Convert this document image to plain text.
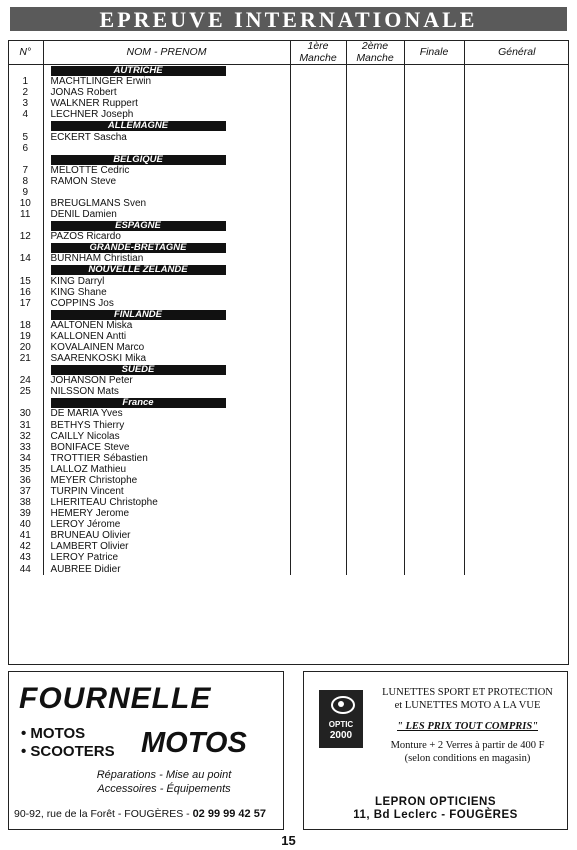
EPREUVE INTERNATIONALE
N°	NOM - PRENOM	1ère Manche	2ème Manche	Finale	Général

	AUTRICHE				

1	MACHTLINGER Erwin				
2	JONAS Robert				
3	WALKNER Ruppert				
4	LECHNER Joseph				

	ALLEMAGNE				

5	ECKERT Sascha				
6					

	BELGIQUE				

7	MELOTTE Cedric				
8	RAMON Steve				
9					
10	BREUGLMANS Sven				
11	DENIL Damien				

	ESPAGNE				

12	PAZOS Ricardo				

	GRANDE-BRETAGNE				

14	BURNHAM Christian				

	NOUVELLE ZELANDE				

15	KING Darryl				
16	KING Shane				
17	COPPINS Jos				

	FINLANDE				

18	AALTONEN Miska				
19	KALLONEN Antti				
20	KOVALAINEN Marco				
21	SAARENKOSKI Mika				

	SUEDE				

24	JOHANSON Peter				
25	NILSSON Mats				

	France				

30	DE MARIA Yves				
31	BETHYS Thierry				
32	CAILLY Nicolas				
33	BONIFACE Steve				
34	TROTTIER Sébastien				
35	LALLOZ Mathieu				
36	MEYER Christophe				
37	TURPIN Vincent				
38	LHERITEAU Christophe				
39	HEMERY Jerome				
40	LEROY Jérome				
41	BRUNEAU Olivier				
42	LAMBERT Olivier				
43	LEROY Patrice				
44	AUBREE Didier				
FOURNELLE
• MOTOS
• SCOOTERS MOTOS
Réparations - Mise au point
Accessoires - Équipements
90-92, rue de la Forêt - FOUGÈRES - 02 99 99 42 57
OPTIC
2000
LUNETTES SPORT ET PROTECTION
et LUNETTES MOTO A LA VUE
" LES PRIX TOUT COMPRIS"
Monture + 2 Verres à partir de 400 F
(selon conditions en magasin)
LEPRON OPTICIENS
11, Bd Leclerc - FOUGÈRES
15
